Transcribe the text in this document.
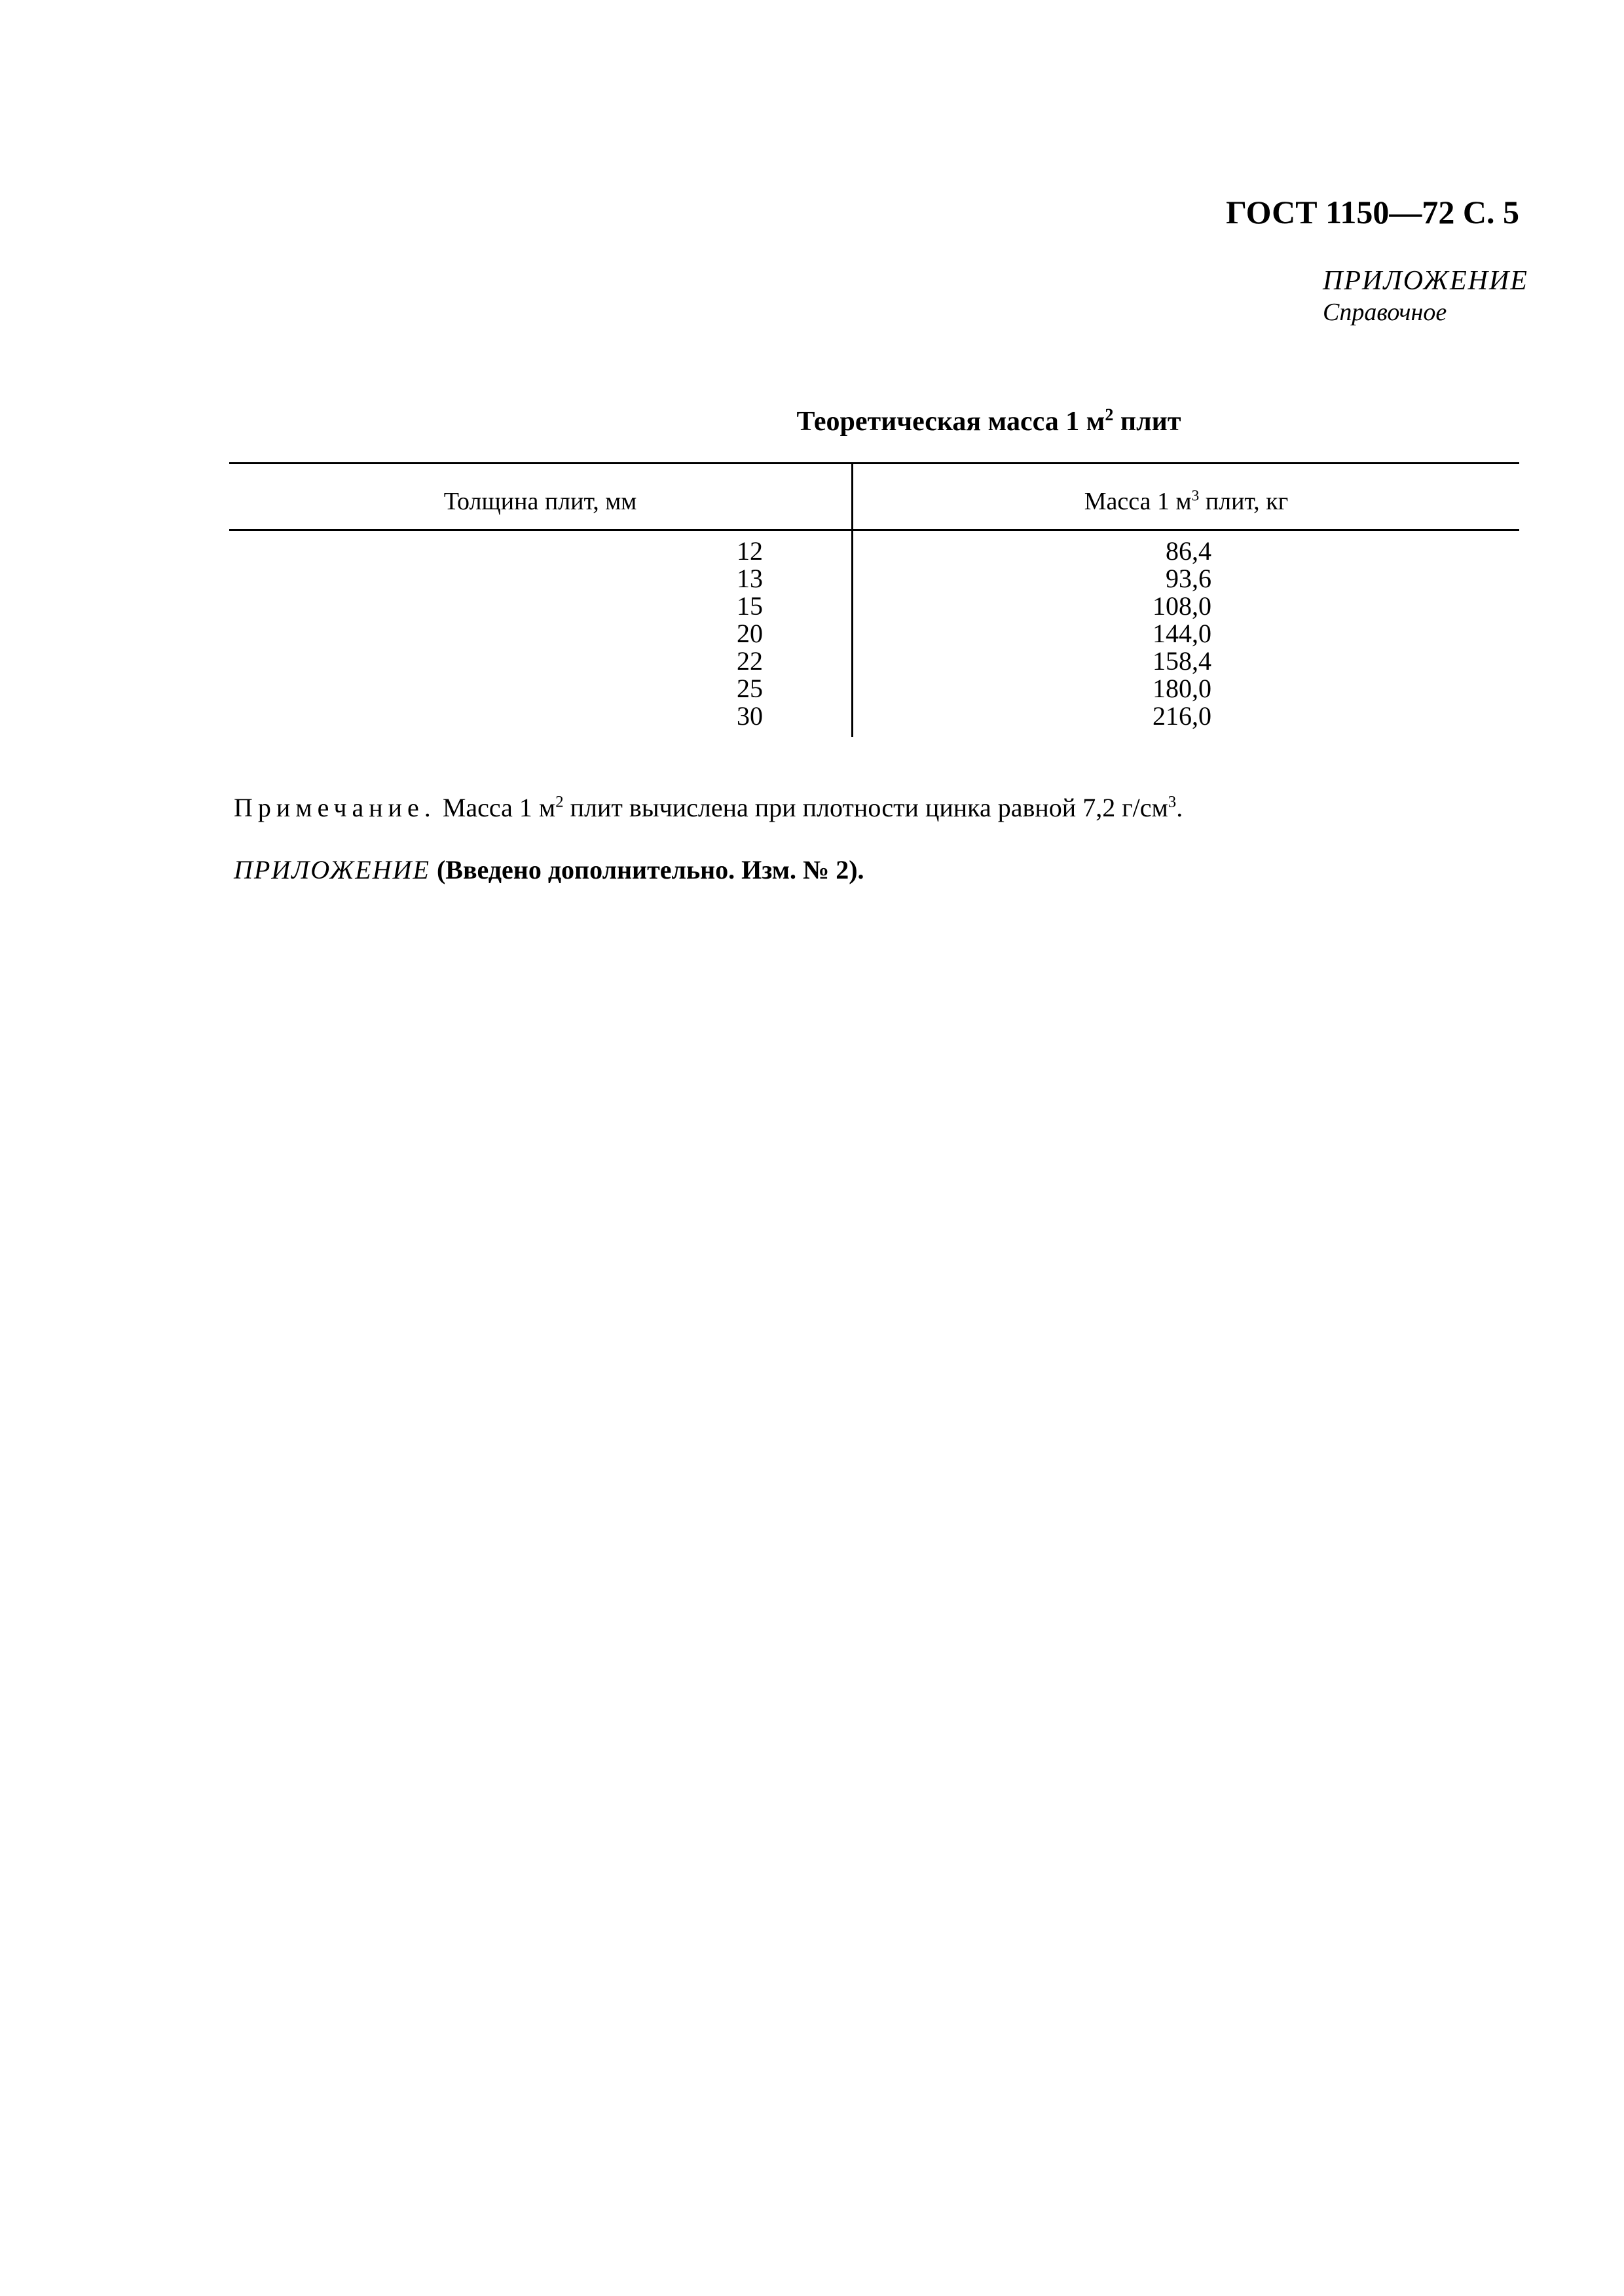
ГОСТ 1150—72 С. 5
ПРИЛОЖЕНИЕ
Справочное
Теоретическая масса 1 $м^2$ плит
Толщина плит, мм	Масса 1 $м^3$ плит, кг
12	86,4
13	93,6
15	108,0
20	144,0
22	158,4
25	180,0
30	216,0
Примечание. Масса 1 $м^2$ плит вычислена при плотности цинка равной 7,2 $г/см^3$.
ПРИЛОЖЕНИЕ (Введено дополнительно. Изм. № 2).
